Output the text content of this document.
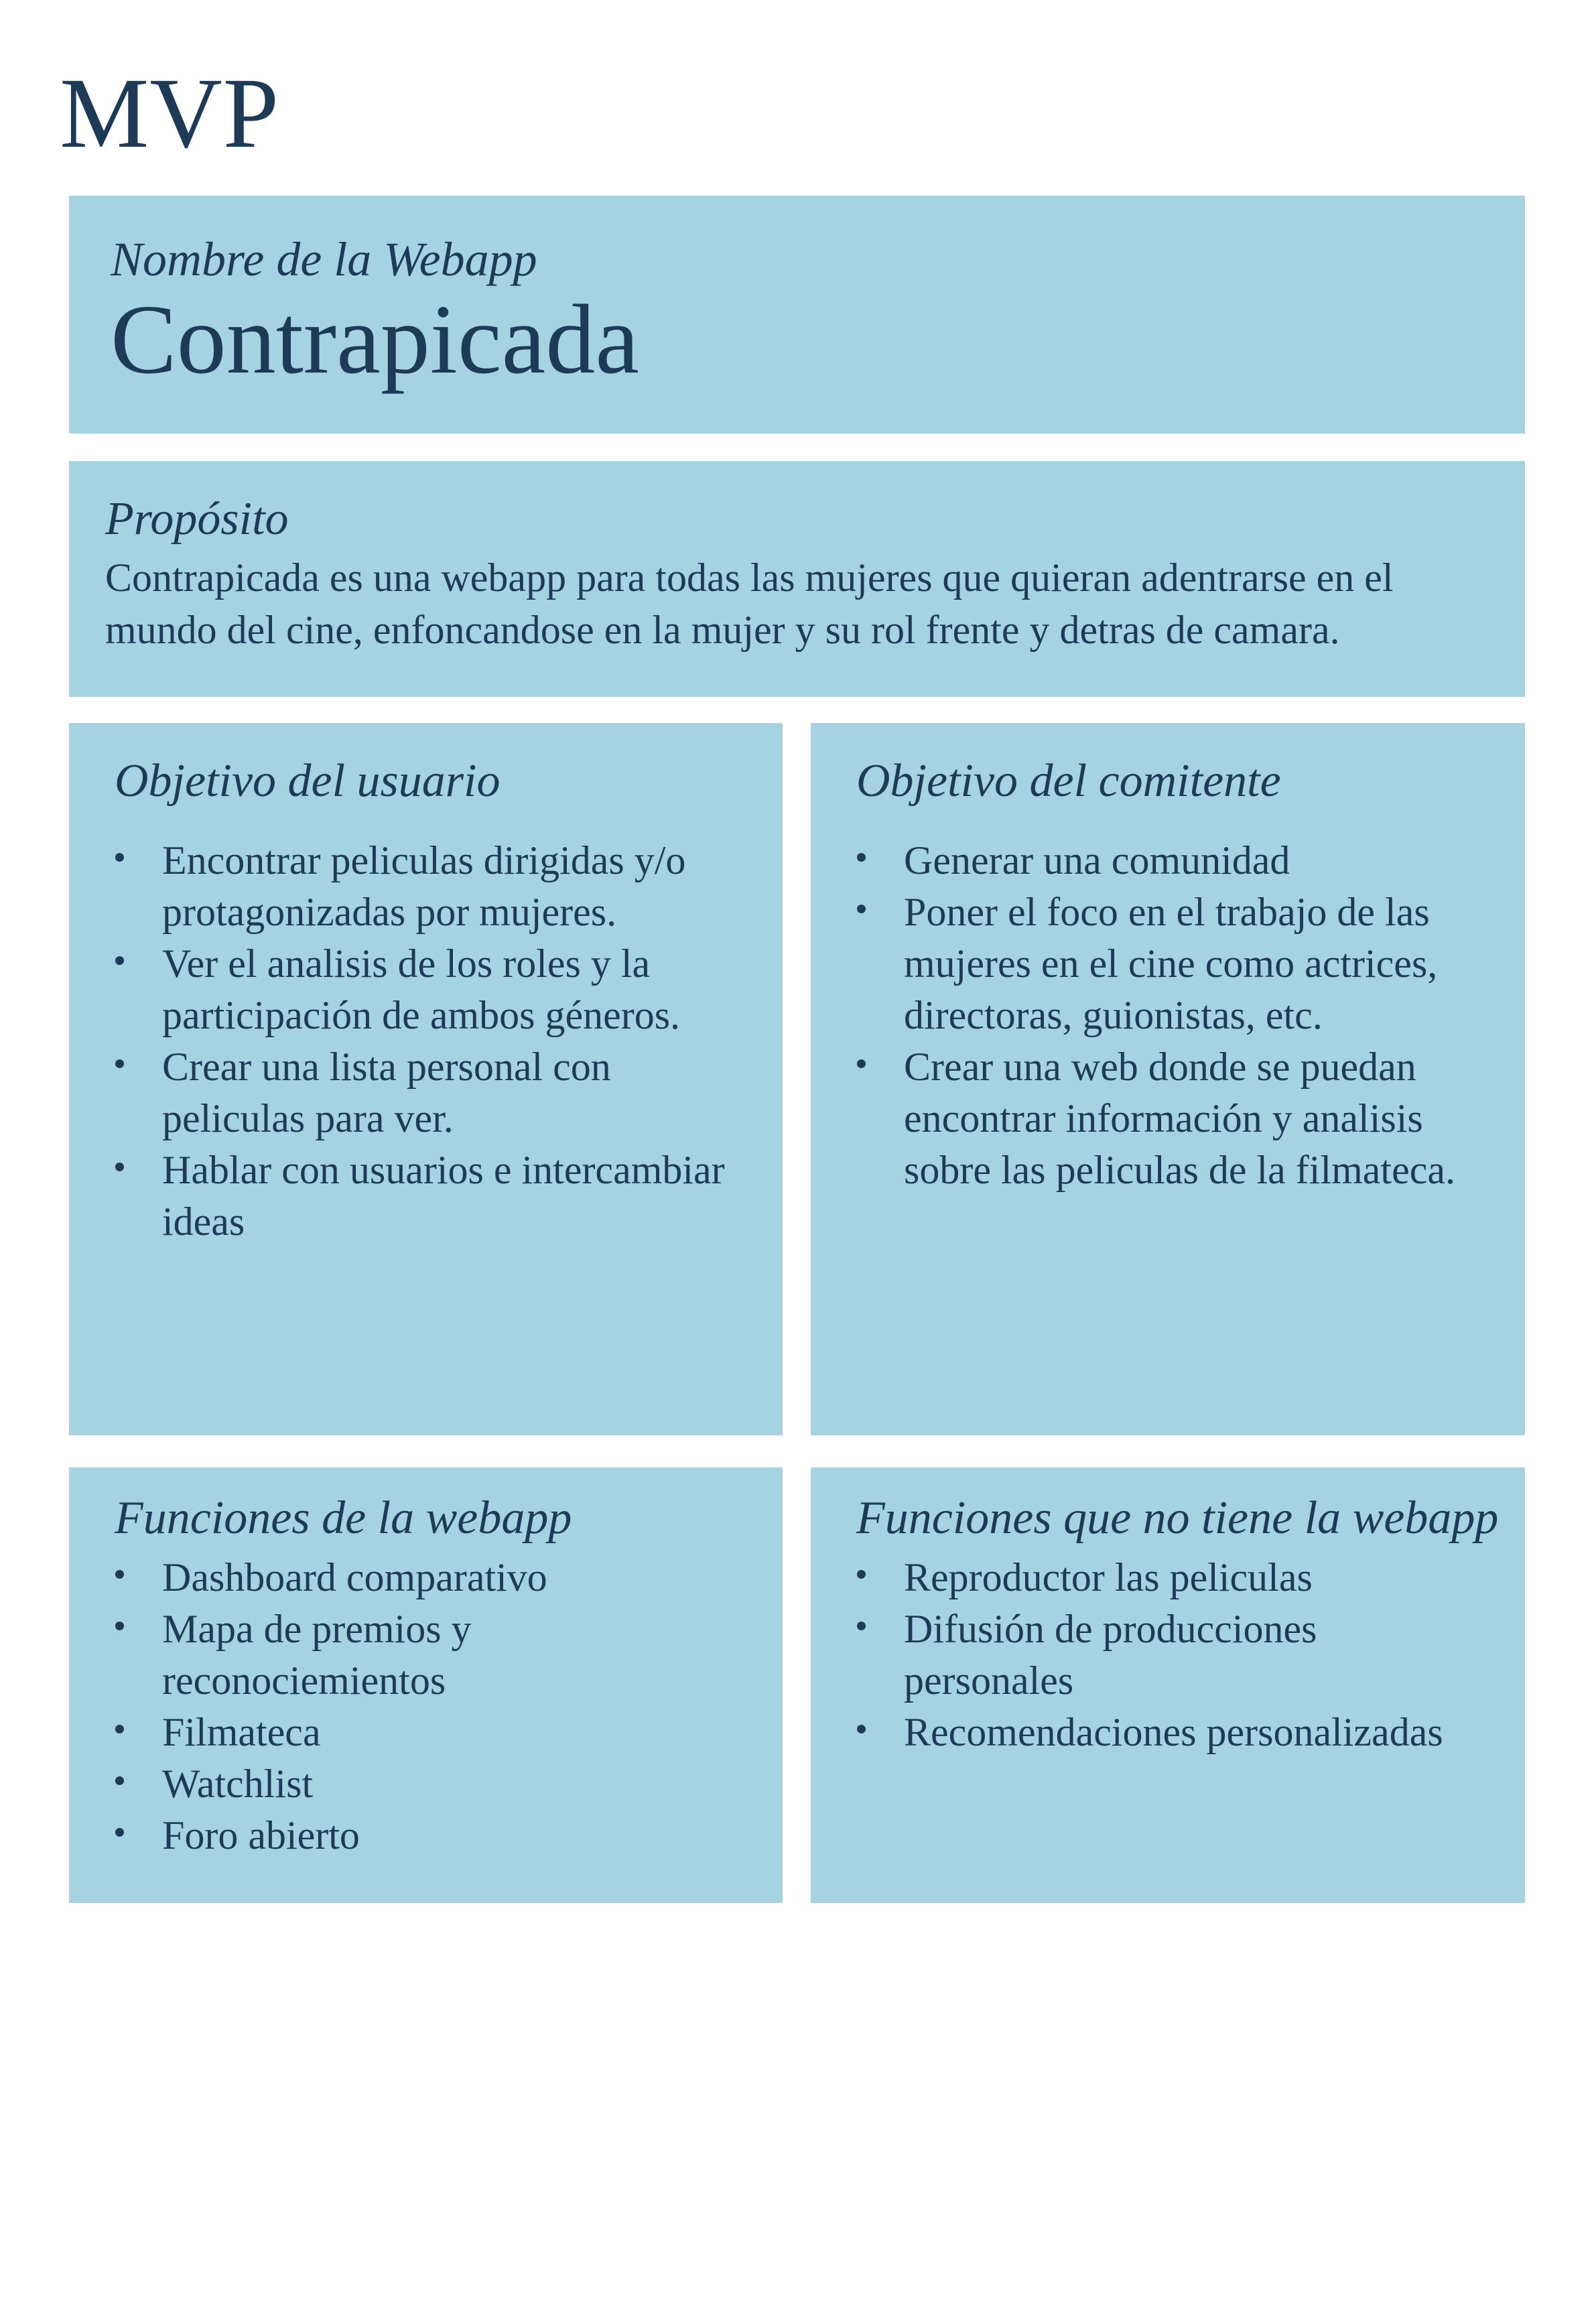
MVP

Nombre de la Webapp

Contrapicada
Propósito

Contrapicada es una webapp para todas las mujeres que quieran adentrarse en el mundo del cine, enfoncandose en la mujer y su rol frente y detras de camara.

Objetivo del usuario
Encontrar peliculas dirigidas y/o protagonizadas por mujeres.
Ver el analisis de los roles y la participación de ambos géneros.
Crear una lista personal con peliculas para ver.
Hablar con usuarios e intercambiar ideas
Objetivo del comitente
Generar una comunidad
Poner el foco en el trabajo de las mujeres en el cine como actrices, directoras, guionistas, etc.
Crear una web donde se puedan encontrar información y analisis sobre las peliculas de la filmateca.
Funciones de la webapp
Dashboard comparativo
Mapa de premios y reconociemientos
Filmateca
Watchlist
Foro abierto
Funciones que no tiene la webapp
Reproductor las peliculas
Difusión de producciones personales
Recomendaciones personalizadas
